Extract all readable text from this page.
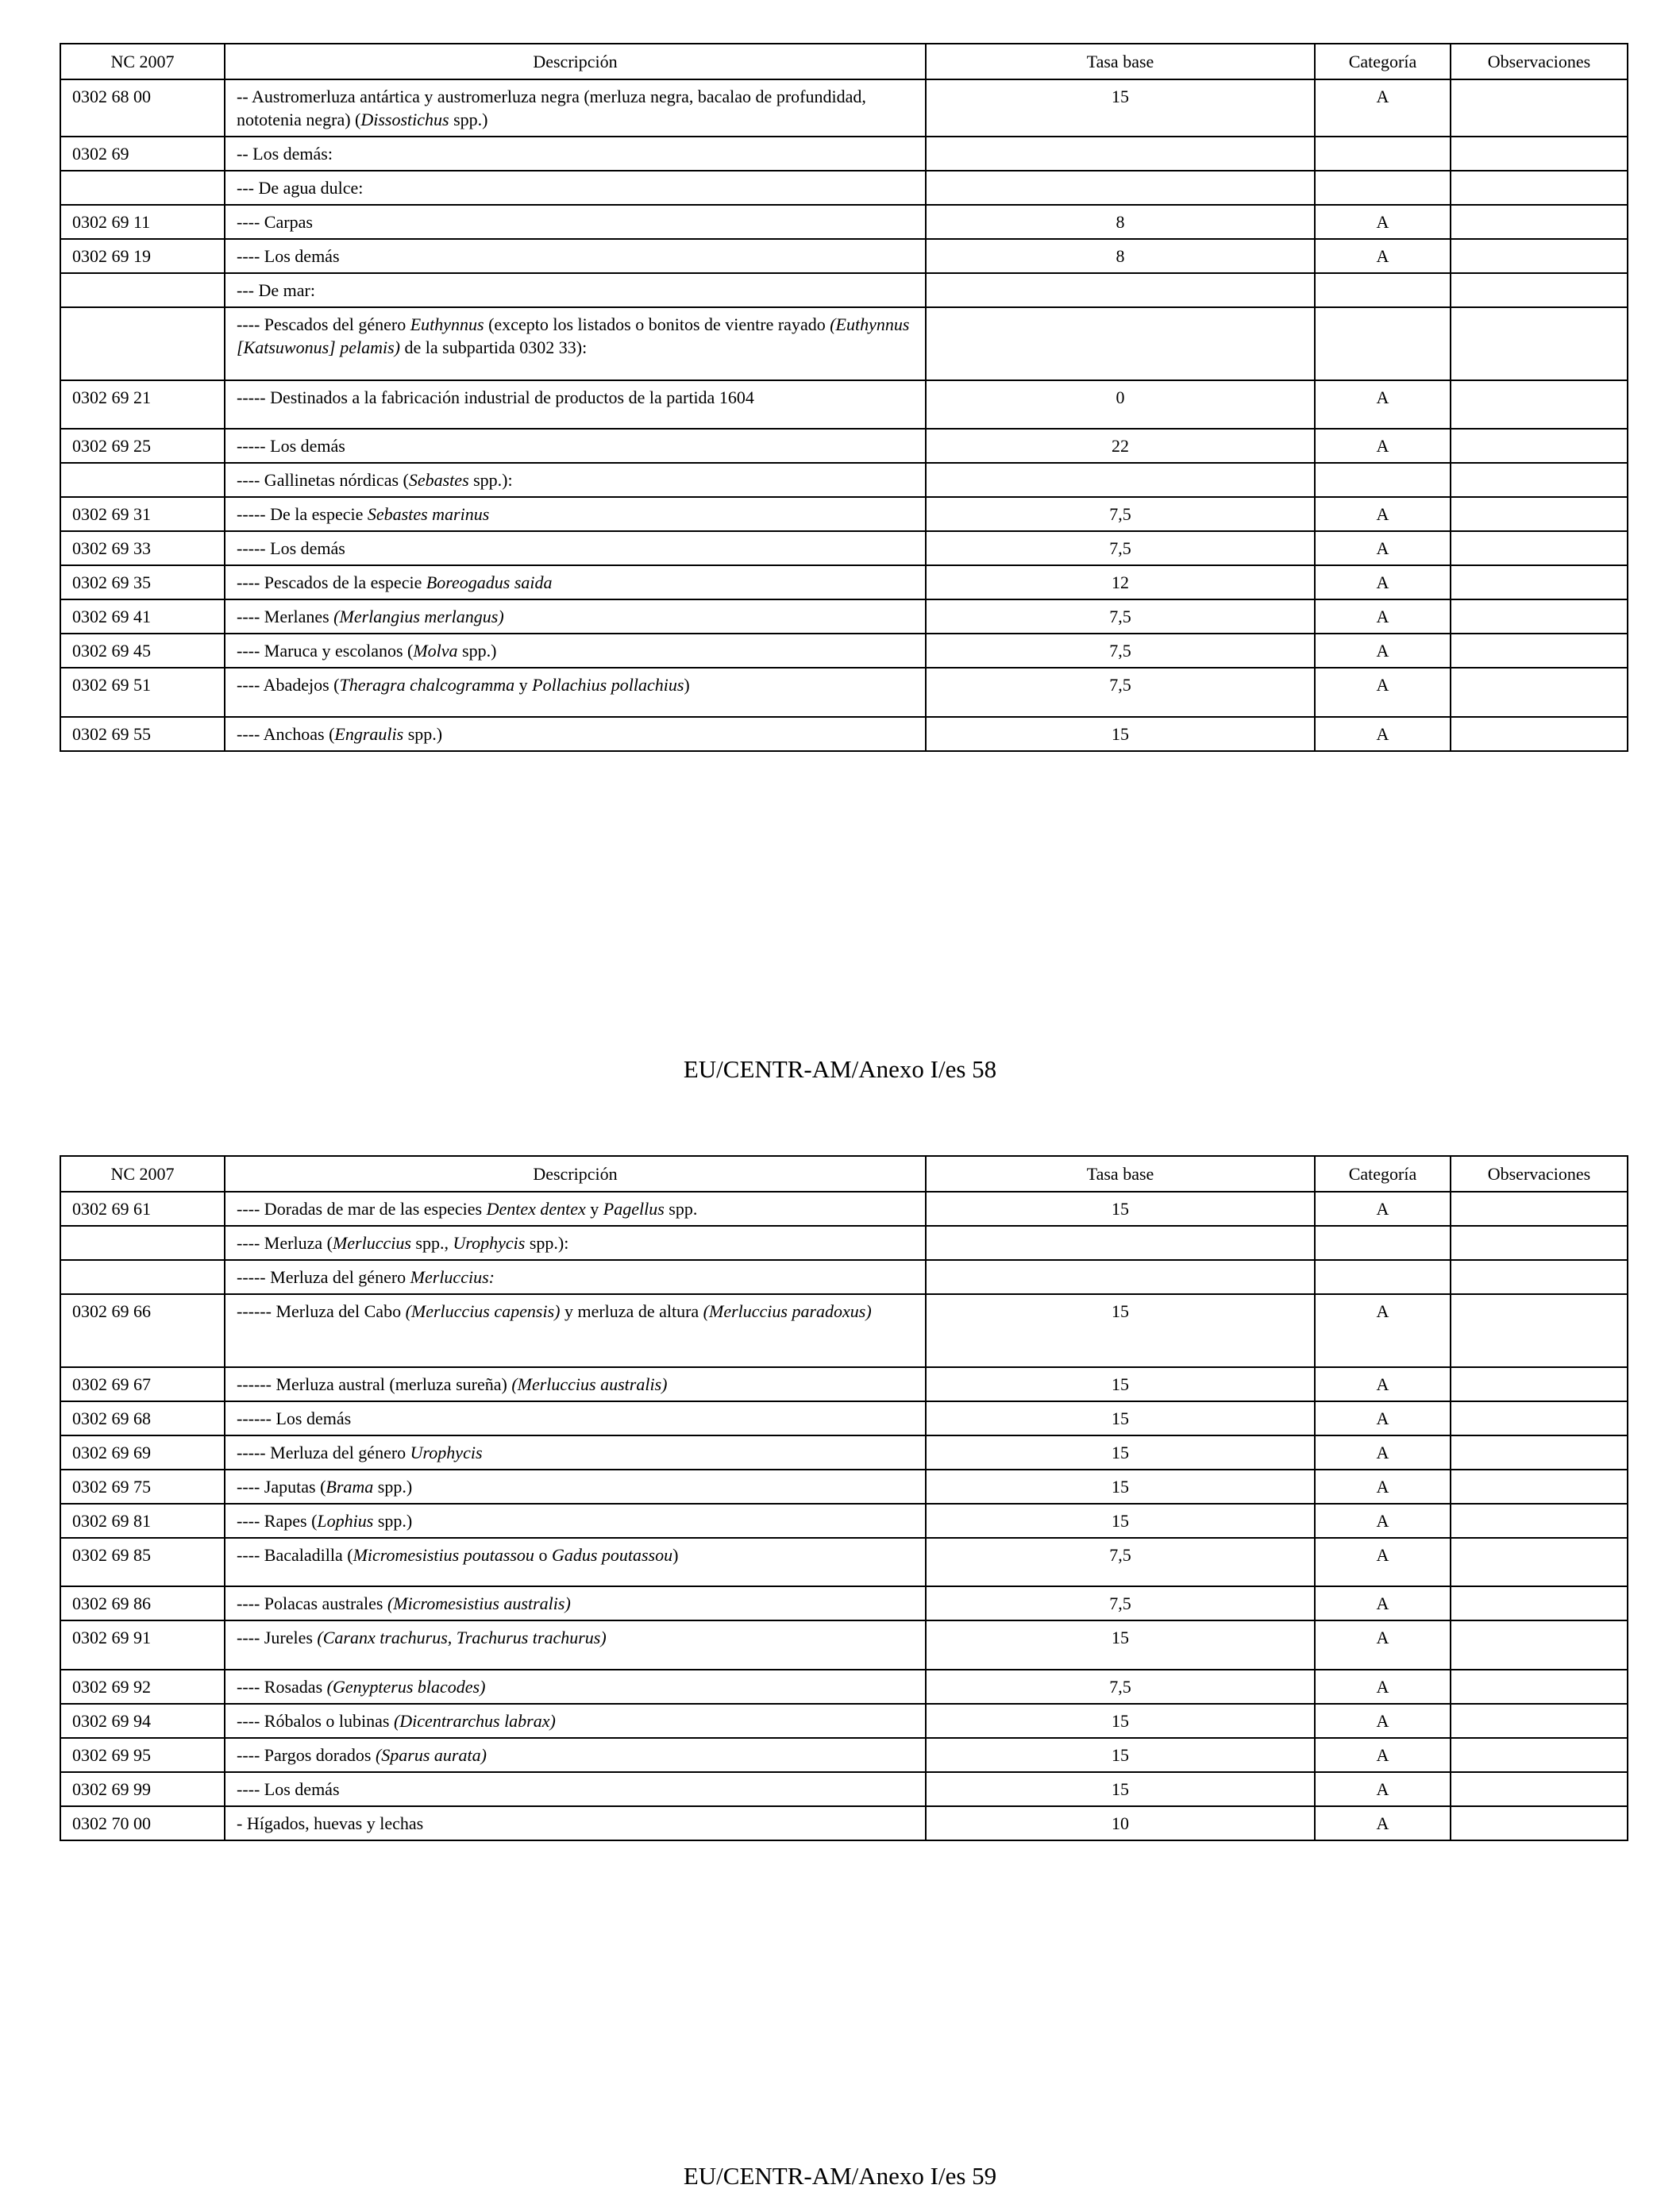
NC 2007	Descripción	Tasa base	Categoría	Observaciones
0302 68 00	-- Austromerluza antártica y austromerluza negra (merluza negra, bacalao de profundidad, nototenia negra) (Dissostichus spp.)	15	A	
0302 69	-- Los demás:			
	--- De agua dulce:			
0302 69 11	---- Carpas	8	A	
0302 69 19	---- Los demás	8	A	
	--- De mar:			
	---- Pescados del género Euthynnus (excepto los listados o bonitos de vientre rayado (Euthynnus [Katsuwonus] pelamis) de la subpartida 0302 33):			
0302 69 21	----- Destinados a la fabricación industrial de productos de la partida 1604	0	A	
0302 69 25	----- Los demás	22	A	
	---- Gallinetas nórdicas (Sebastes spp.):			
0302 69 31	----- De la especie Sebastes marinus	7,5	A	
0302 69 33	----- Los demás	7,5	A	
0302 69 35	---- Pescados de la especie Boreogadus saida	12	A	
0302 69 41	---- Merlanes (Merlangius merlangus)	7,5	A	
0302 69 45	---- Maruca y escolanos (Molva spp.)	7,5	A	
0302 69 51	---- Abadejos (Theragra chalcogramma y Pollachius pollachius)	7,5	A	
0302 69 55	---- Anchoas (Engraulis spp.)	15	A	
EU/CENTR-AM/Anexo I/es 58
NC 2007	Descripción	Tasa base	Categoría	Observaciones
0302 69 61	---- Doradas de mar de las especies Dentex dentex y Pagellus spp.	15	A	
	---- Merluza (Merluccius spp., Urophycis spp.):			
	----- Merluza del género Merluccius:			
0302 69 66	------ Merluza del Cabo (Merluccius capensis) y merluza de altura (Merluccius paradoxus)	15	A	
0302 69 67	------ Merluza austral (merluza sureña) (Merluccius australis)	15	A	
0302 69 68	------ Los demás	15	A	
0302 69 69	----- Merluza del género Urophycis	15	A	
0302 69 75	---- Japutas (Brama spp.)	15	A	
0302 69 81	---- Rapes (Lophius spp.)	15	A	
0302 69 85	---- Bacaladilla (Micromesistius poutassou o Gadus poutassou)	7,5	A	
0302 69 86	---- Polacas australes (Micromesistius australis)	7,5	A	
0302 69 91	---- Jureles (Caranx trachurus, Trachurus trachurus)	15	A	
0302 69 92	---- Rosadas (Genypterus blacodes)	7,5	A	
0302 69 94	---- Róbalos o lubinas (Dicentrarchus labrax)	15	A	
0302 69 95	---- Pargos dorados (Sparus aurata)	15	A	
0302 69 99	---- Los demás	15	A	
0302 70 00	- Hígados, huevas y lechas	10	A	
EU/CENTR-AM/Anexo I/es 59
